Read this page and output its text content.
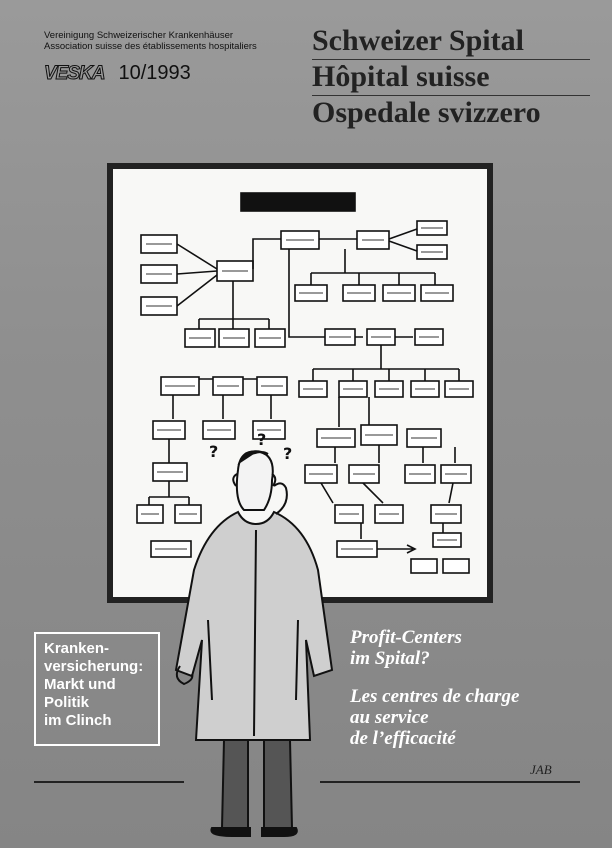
Vereinigung Schweizerischer Krankenhäuser
Association suisse des établissements hospitaliers
VESKA 10/1993
Schweizer Spital
Hôpital suisse
Ospedale svizzero
?
?
?
Kranken-
versicherung:
Markt und
Politik
im Clinch
Profit-Centers
im Spital?
Les centres de charge
au service
de l’efficacité
JAB
